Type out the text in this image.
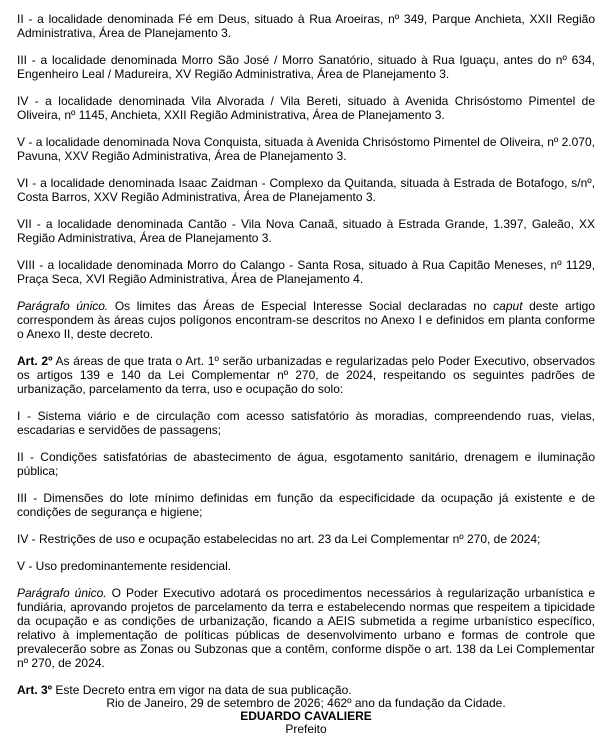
II - a localidade denominada Fé em Deus, situado à Rua Aroeiras, nº 349, Parque Anchieta, XXII Região Administrativa, Área de Planejamento 3.

III - a localidade denominada Morro São José / Morro Sanatório, situado à Rua Iguaçu, antes do nº 634, Engenheiro Leal / Madureira, XV Região Administrativa, Área de Planejamento 3.

IV - a localidade denominada Vila Alvorada / Vila Bereti, situado à Avenida Chrisóstomo Pimentel de Oliveira, nº 1145, Anchieta, XXII Região Administrativa, Área de Planejamento 3.

V - a localidade denominada Nova Conquista, situada à Avenida Chrisóstomo Pimentel de Oliveira, nº 2.070, Pavuna, XXV Região Administrativa, Área de Planejamento 3.

VI - a localidade denominada Isaac Zaidman - Complexo da Quitanda, situada à Estrada de Botafogo, s/nº, Costa Barros, XXV Região Administrativa, Área de Planejamento 3.

VII - a localidade denominada Cantão - Vila Nova Canaã, situado à Estrada Grande, 1.397, Galeão, XX Região Administrativa, Área de Planejamento 3.

VIII - a localidade denominada Morro do Calango - Santa Rosa, situado à Rua Capitão Meneses, nº 1129, Praça Seca, XVI Região Administrativa, Área de Planejamento 4.

Parágrafo único. Os limites das Áreas de Especial Interesse Social declaradas no caput deste artigo correspondem às áreas cujos polígonos encontram-se descritos no Anexo I e definidos em planta conforme o Anexo II, deste decreto.

Art. 2º As áreas de que trata o Art. 1º serão urbanizadas e regularizadas pelo Poder Executivo, observados os artigos 139 e 140 da Lei Complementar nº 270, de 2024, respeitando os seguintes padrões de urbanização, parcelamento da terra, uso e ocupação do solo:

I - Sistema viário e de circulação com acesso satisfatório às moradias, compreendendo ruas, vielas, escadarias e servidões de passagens;

II - Condições satisfatórias de abastecimento de água, esgotamento sanitário, drenagem e iluminação pública;

III - Dimensões do lote mínimo definidas em função da especificidade da ocupação já existente e de condições de segurança e higiene;

IV - Restrições de uso e ocupação estabelecidas no art. 23 da Lei Complementar nº 270, de 2024;

V - Uso predominantemente residencial.

Parágrafo único. O Poder Executivo adotará os procedimentos necessários à regularização urbanística e fundiária, aprovando projetos de parcelamento da terra e estabelecendo normas que respeitem a tipicidade da ocupação e as condições de urbanização, ficando a AEIS submetida a regime urbanístico específico, relativo à implementação de políticas públicas de desenvolvimento urbano e formas de controle que prevalecerão sobre as Zonas ou Subzonas que a contêm, conforme dispõe o art. 138 da Lei Complementar nº 270, de 2024.

Art. 3º Este Decreto entra em vigor na data de sua publicação.

Rio de Janeiro, 29 de setembro de 2026; 462º ano da fundação da Cidade.

EDUARDO CAVALIERE

Prefeito
